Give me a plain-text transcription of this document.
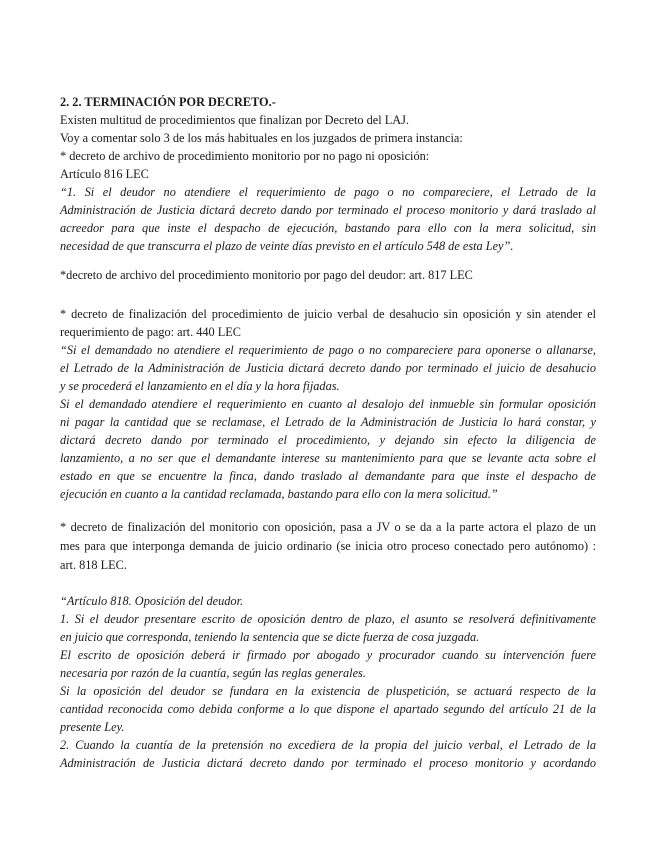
2. 2. TERMINACIÓN POR DECRETO.-
Existen multitud de procedimientos que finalizan por Decreto del LAJ.
Voy a comentar solo 3 de los más habituales en los juzgados de primera instancia:
* decreto de archivo de procedimiento monitorio por no pago ni oposición:
Artículo 816 LEC
“1. Si el deudor no atendiere el requerimiento de pago o no compareciere, el Letrado de la
Administración de Justicia dictará decreto dando por terminado el proceso monitorio y dará traslado al
acreedor para que inste el despacho de ejecución, bastando para ello con la mera solicitud, sin
necesidad de que transcurra el plazo de veinte días previsto en el artículo 548 de esta Ley”.
*decreto de archivo del procedimiento monitorio por pago del deudor: art. 817 LEC
* decreto de finalización del procedimiento de juicio verbal de desahucio sin oposición y sin atender el
requerimiento de pago: art. 440 LEC
“Si el demandado no atendiere el requerimiento de pago o no compareciere para oponerse o allanarse,
el Letrado de la Administración de Justicia dictará decreto dando por terminado el juicio de desahucio
y se procederá el lanzamiento en el día y la hora fijadas.
Si el demandado atendiere el requerimiento en cuanto al desalojo del inmueble sin formular oposición
ni pagar la cantidad que se reclamase, el Letrado de la Administración de Justicia lo hará constar, y
dictará decreto dando por terminado el procedimiento, y dejando sin efecto la diligencia de
lanzamiento, a no ser que el demandante interese su mantenimiento para que se levante acta sobre el
estado en que se encuentre la finca, dando traslado al demandante para que inste el despacho de
ejecución en cuanto a la cantidad reclamada, bastando para ello con la mera solicitud.”
* decreto de finalización del monitorio con oposición, pasa a JV o se da a la parte actora el plazo de un
mes para que interponga demanda de juicio ordinario (se inicia otro proceso conectado pero autónomo) :
art. 818 LEC.
“Artículo 818. Oposición del deudor.
1. Si el deudor presentare escrito de oposición dentro de plazo, el asunto se resolverá definitivamente
en juicio que corresponda, teniendo la sentencia que se dicte fuerza de cosa juzgada.
El escrito de oposición deberá ir firmado por abogado y procurador cuando su intervención fuere
necesaria por razón de la cuantía, según las reglas generales.
Si la oposición del deudor se fundara en la existencia de pluspetición, se actuará respecto de la
cantidad reconocida como debida conforme a lo que dispone el apartado segundo del artículo 21 de la
presente Ley.
2. Cuando la cuantía de la pretensión no excediera de la propia del juicio verbal, el Letrado de la
Administración de Justicia dictará decreto dando por terminado el proceso monitorio y acordando
